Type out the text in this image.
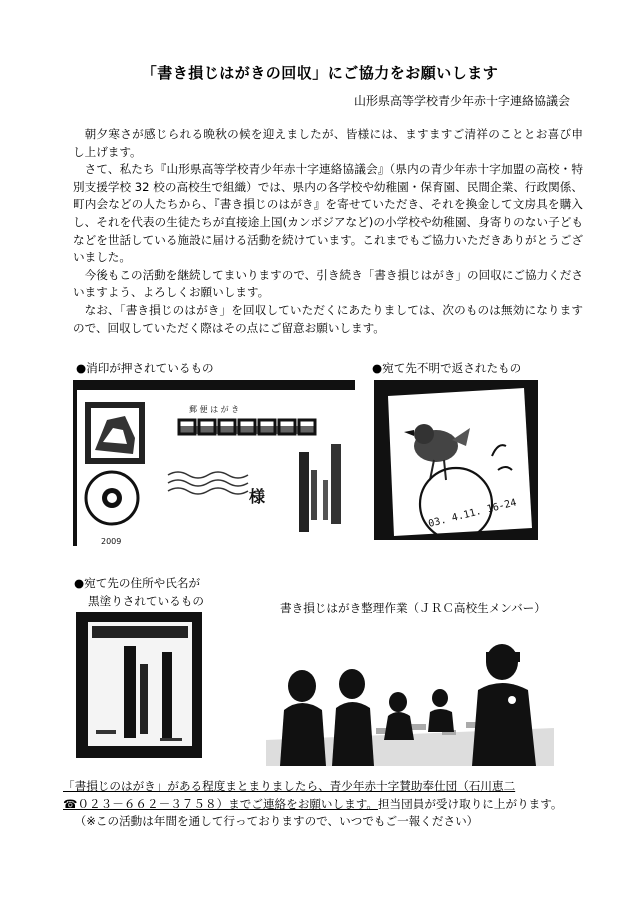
「書き損じはがきの回収」にご協力をお願いします
山形県高等学校青少年赤十字連絡協議会

朝夕寒さが感じられる晩秋の候を迎えましたが、皆様には、ますますご清祥のこととお喜び申し上げます。

さて、私たち『山形県高等学校青少年赤十字連絡協議会』（県内の青少年赤十字加盟の高校・特別支援学校 32 校の高校生で組織）では、県内の各学校や幼稚園・保育園、民間企業、行政関係、町内会などの人たちから、『書き損じのはがき』を寄せていただき、それを換金して文房具を購入し、それを代表の生徒たちが直接途上国(カンボジアなど)の小学校や幼稚園、身寄りのない子どもなどを世話している施設に届ける活動を続けています。これまでもご協力いただきありがとうございました。

今後もこの活動を継続してまいりますので、引き続き「書き損じはがき」の回収にご協力くださいますよう、よろしくお願いします。

なお、「書き損じのはがき」を回収していただくにあたりましては、次のものは無効になりますので、回収していただく際はその点にご留意お願いします。

●消印が押されているもの
郵 便 は が き
2009
様
●宛て先不明で返されたもの
03. 4.11. 16-24
●宛て先の住所や氏名が
黒塗りされているもの	書き損じはがき整理作業（ＪＲＣ高校生メンバー）
「書損じのはがき」がある程度まとまりましたら、青少年赤十字賛助奉仕団（石川恵二
☎０２３－６６２－３７５８）までご連絡をお願いします。担当団員が受け取りに上がります。
（※この活動は年間を通して行っておりますので、いつでもご一報ください）
